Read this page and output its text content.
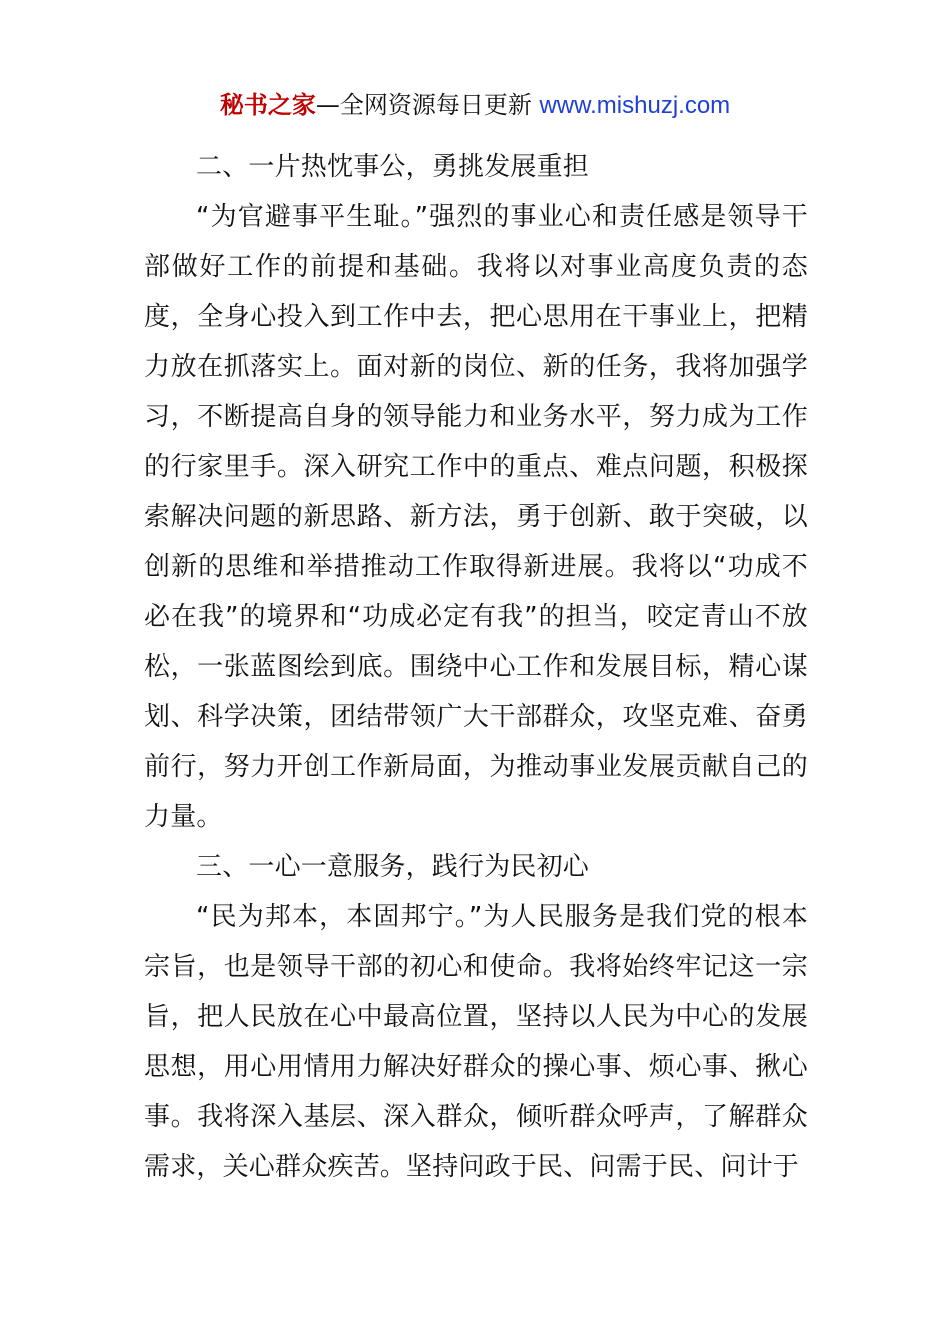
秘书之家—全网资源每日更新 www.mishuzj.com

二、一片热忱事公，勇挑发展重担

“为官避事平生耻。”强烈的事业心和责任感是领导干部做好工作的前提和基础。我将以对事业高度负责的态度，全身心投入到工作中去，把心思用在干事业上，把精力放在抓落实上。面对新的岗位、新的任务，我将加强学习，不断提高自身的领导能力和业务水平，努力成为工作的行家里手。深入研究工作中的重点、难点问题，积极探索解决问题的新思路、新方法，勇于创新、敢于突破，以创新的思维和举措推动工作取得新进展。我将以“功成不必在我”的境界和“功成必定有我”的担当，咬定青山不放松，一张蓝图绘到底。围绕中心工作和发展目标，精心谋划、科学决策，团结带领广大干部群众，攻坚克难、奋勇前行，努力开创工作新局面，为推动事业发展贡献自己的力量。

三、一心一意服务，践行为民初心

“民为邦本，本固邦宁。”为人民服务是我们党的根本宗旨，也是领导干部的初心和使命。我将始终牢记这一宗旨，把人民放在心中最高位置，坚持以人民为中心的发展思想，用心用情用力解决好群众的操心事、烦心事、揪心事。我将深入基层、深入群众，倾听群众呼声，了解群众需求，关心群众疾苦。坚持问政于民、问需于民、问计于
